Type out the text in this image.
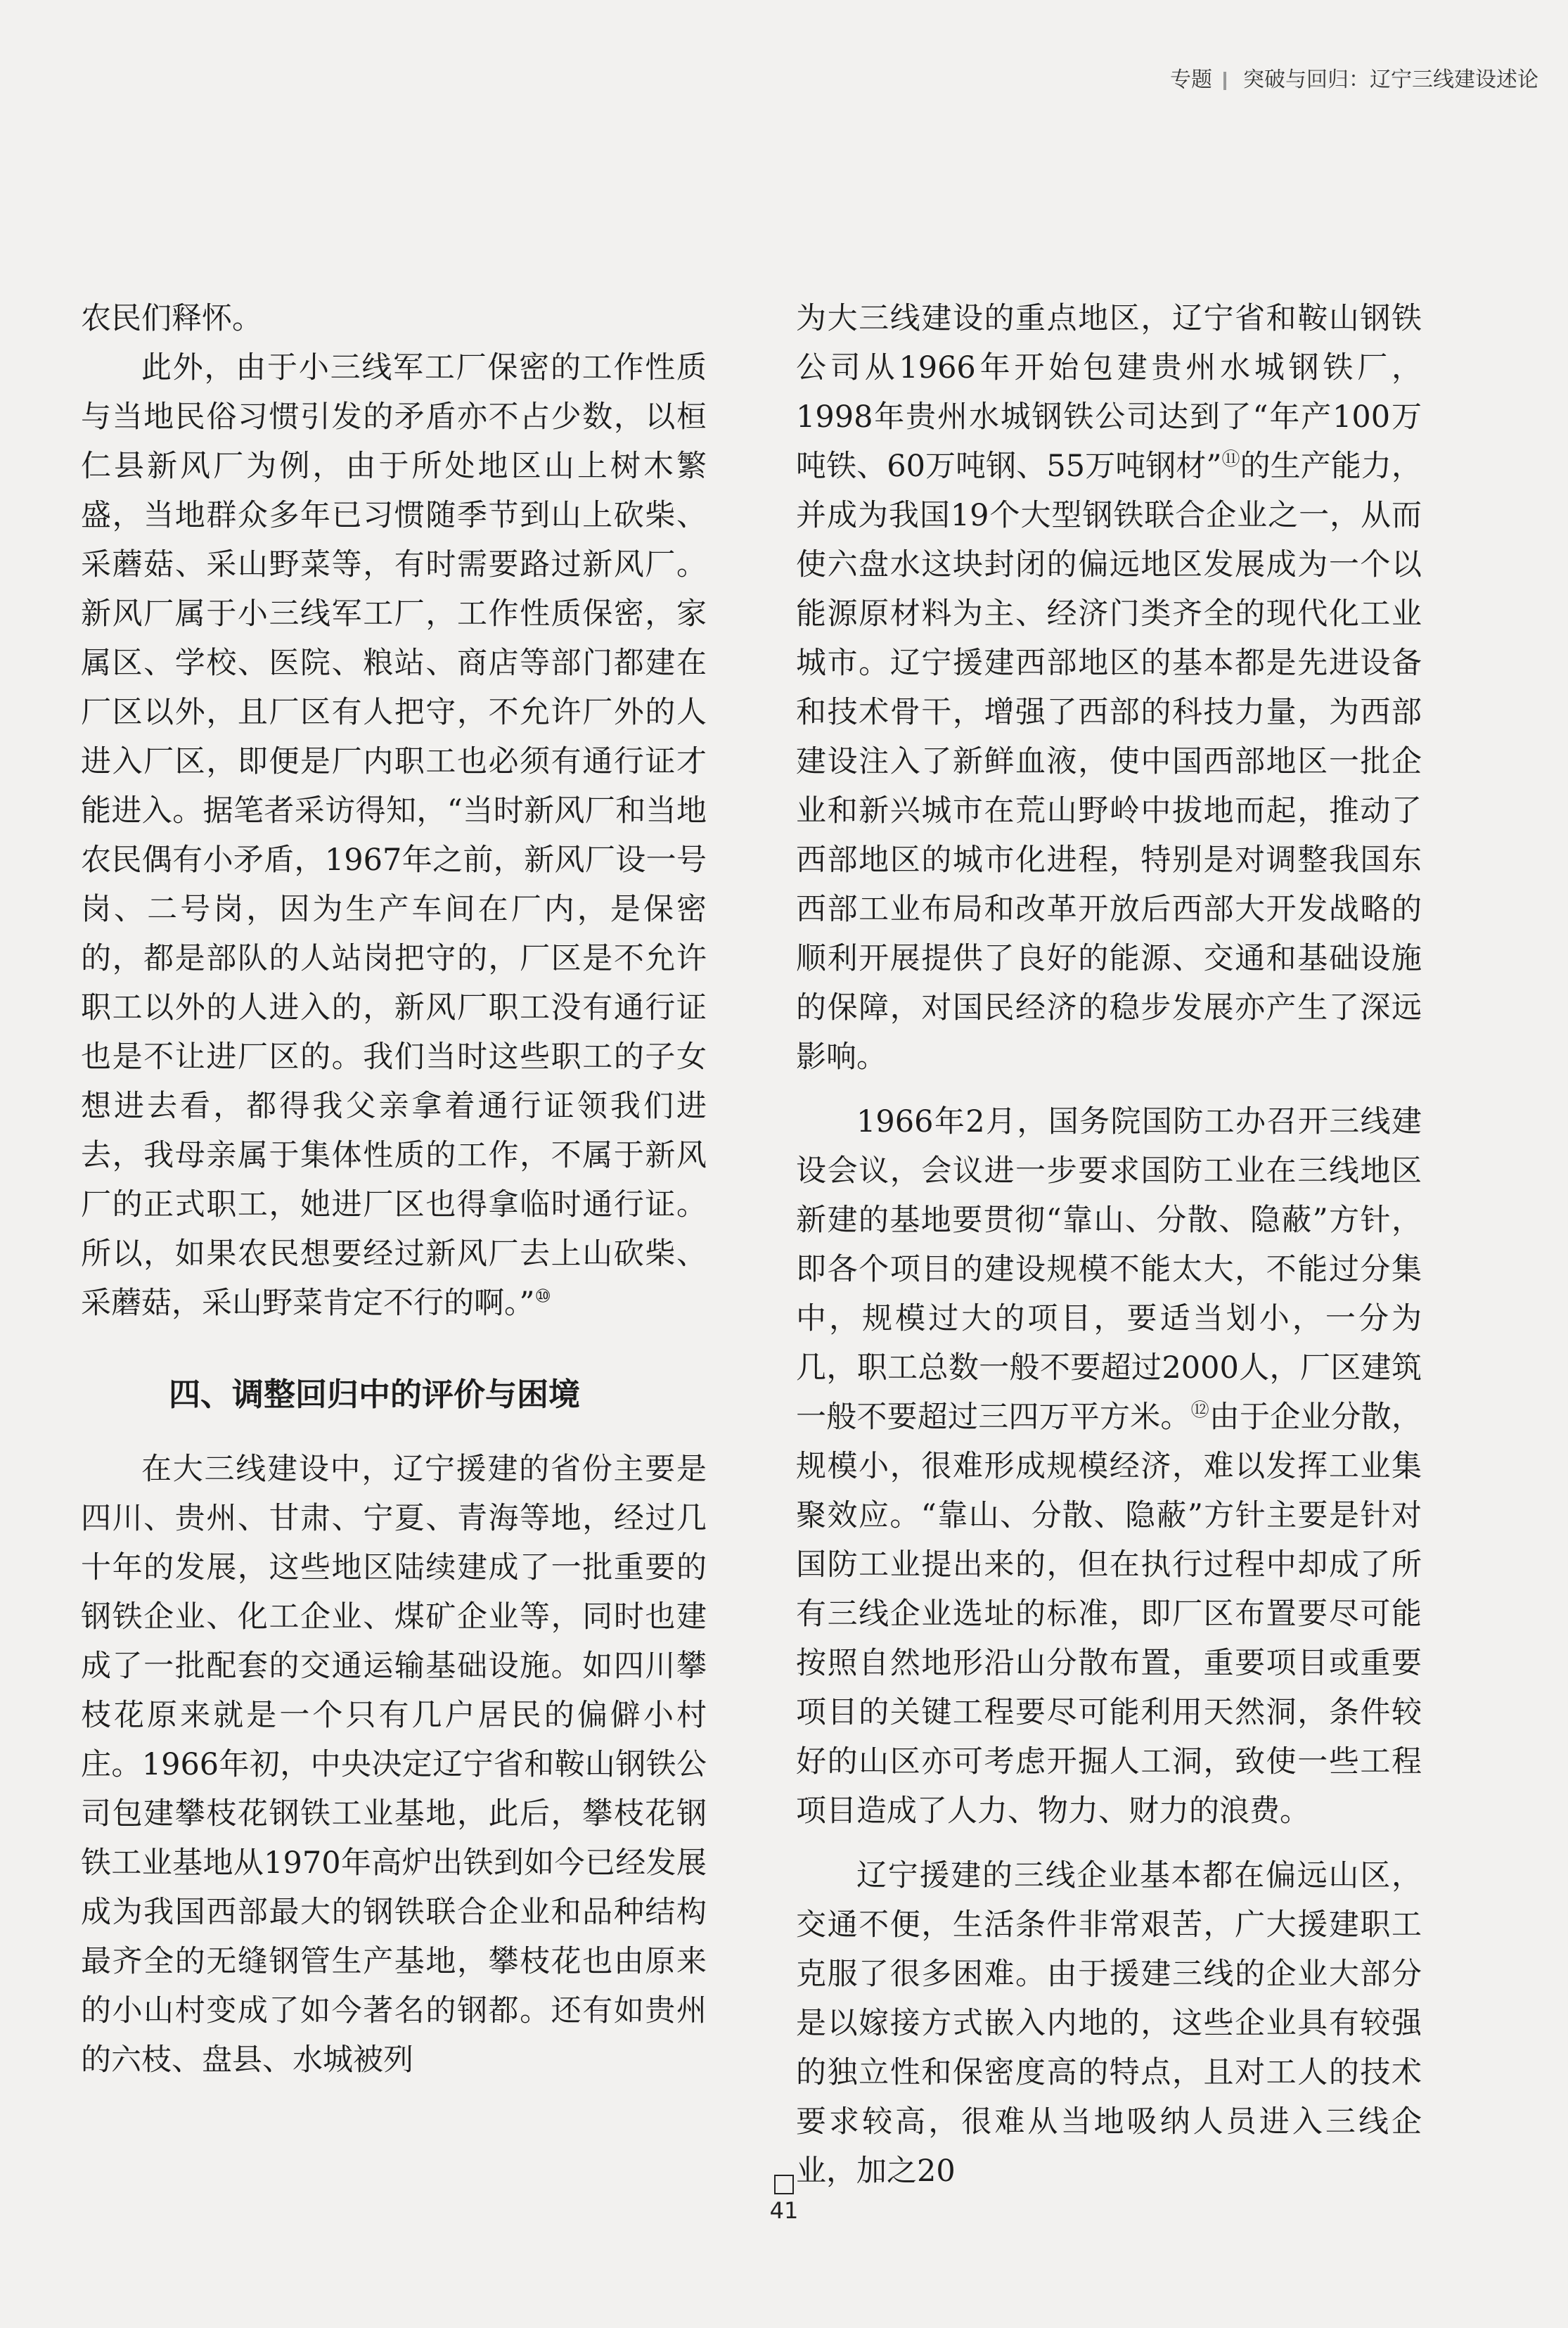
专题 突破与回归：辽宁三线建设述论

农民们释怀。

此外，由于小三线军工厂保密的工作性质与当地民俗习惯引发的矛盾亦不占少数，以桓仁县新风厂为例，由于所处地区山上树木繁盛，当地群众多年已习惯随季节到山上砍柴、采蘑菇、采山野菜等，有时需要路过新风厂。新风厂属于小三线军工厂，工作性质保密，家属区、学校、医院、粮站、商店等部门都建在厂区以外，且厂区有人把守，不允许厂外的人进入厂区，即便是厂内职工也必须有通行证才能进入。据笔者采访得知，“当时新风厂和当地农民偶有小矛盾，1967年之前，新风厂设一号岗、二号岗，因为生产车间在厂内，是保密的，都是部队的人站岗把守的，厂区是不允许职工以外的人进入的，新风厂职工没有通行证也是不让进厂区的。我们当时这些职工的子女想进去看，都得我父亲拿着通行证领我们进去，我母亲属于集体性质的工作，不属于新风厂的正式职工，她进厂区也得拿临时通行证。所以，如果农民想要经过新风厂去上山砍柴、采蘑菇，采山野菜肯定不行的啊。”⑩

四、调整回归中的评价与困境

在大三线建设中，辽宁援建的省份主要是四川、贵州、甘肃、宁夏、青海等地，经过几十年的发展，这些地区陆续建成了一批重要的钢铁企业、化工企业、煤矿企业等，同时也建成了一批配套的交通运输基础设施。如四川攀枝花原来就是一个只有几户居民的偏僻小村庄。1966年初，中央决定辽宁省和鞍山钢铁公司包建攀枝花钢铁工业基地，此后，攀枝花钢铁工业基地从1970年高炉出铁到如今已经发展成为我国西部最大的钢铁联合企业和品种结构最齐全的无缝钢管生产基地，攀枝花也由原来的小山村变成了如今著名的钢都。还有如贵州的六枝、盘县、水城被列

为大三线建设的重点地区，辽宁省和鞍山钢铁公司从1966年开始包建贵州水城钢铁厂，1998年贵州水城钢铁公司达到了“年产100万吨铁、60万吨钢、55万吨钢材”⑪的生产能力，并成为我国19个大型钢铁联合企业之一，从而使六盘水这块封闭的偏远地区发展成为一个以能源原材料为主、经济门类齐全的现代化工业城市。辽宁援建西部地区的基本都是先进设备和技术骨干，增强了西部的科技力量，为西部建设注入了新鲜血液，使中国西部地区一批企业和新兴城市在荒山野岭中拔地而起，推动了西部地区的城市化进程，特别是对调整我国东西部工业布局和改革开放后西部大开发战略的顺利开展提供了良好的能源、交通和基础设施的保障，对国民经济的稳步发展亦产生了深远影响。

1966年2月，国务院国防工办召开三线建设会议，会议进一步要求国防工业在三线地区新建的基地要贯彻“靠山、分散、隐蔽”方针，即各个项目的建设规模不能太大，不能过分集中，规模过大的项目，要适当划小，一分为几，职工总数一般不要超过2000人，厂区建筑一般不要超过三四万平方米。⑫由于企业分散，规模小，很难形成规模经济，难以发挥工业集聚效应。“靠山、分散、隐蔽”方针主要是针对国防工业提出来的，但在执行过程中却成了所有三线企业选址的标准，即厂区布置要尽可能按照自然地形沿山分散布置，重要项目或重要项目的关键工程要尽可能利用天然洞，条件较好的山区亦可考虑开掘人工洞，致使一些工程项目造成了人力、物力、财力的浪费。

辽宁援建的三线企业基本都在偏远山区，交通不便，生活条件非常艰苦，广大援建职工克服了很多困难。由于援建三线的企业大部分是以嫁接方式嵌入内地的，这些企业具有较强的独立性和保密度高的特点，且对工人的技术要求较高，很难从当地吸纳人员进入三线企业，加之20

41
